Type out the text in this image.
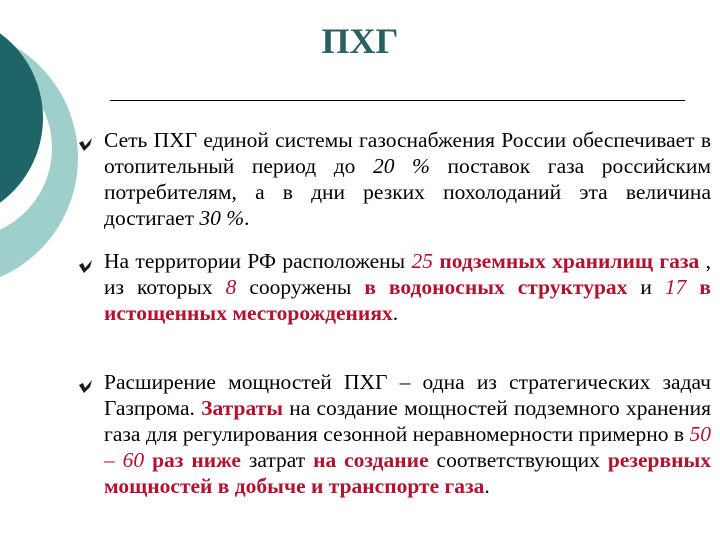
ПХГ

Сеть ПХГ единой системы газоснабжения России обеспечивает в отопительный период до 20 % поставок газа российским потребителям, а в дни резких похолоданий эта величина достигает 30 %.

На территории РФ расположены 25 подземных хранилищ газа , из которых 8 сооружены в водоносных структурах и 17 в истощенных месторождениях.

Расширение мощностей ПХГ – одна из стратегических задач Газпрома. Затраты на создание мощностей подземного хранения газа для регулирования сезонной неравномерности примерно в 50 – 60 раз ниже затрат на создание соответствующих резервных мощностей в добыче и транспорте газа.
